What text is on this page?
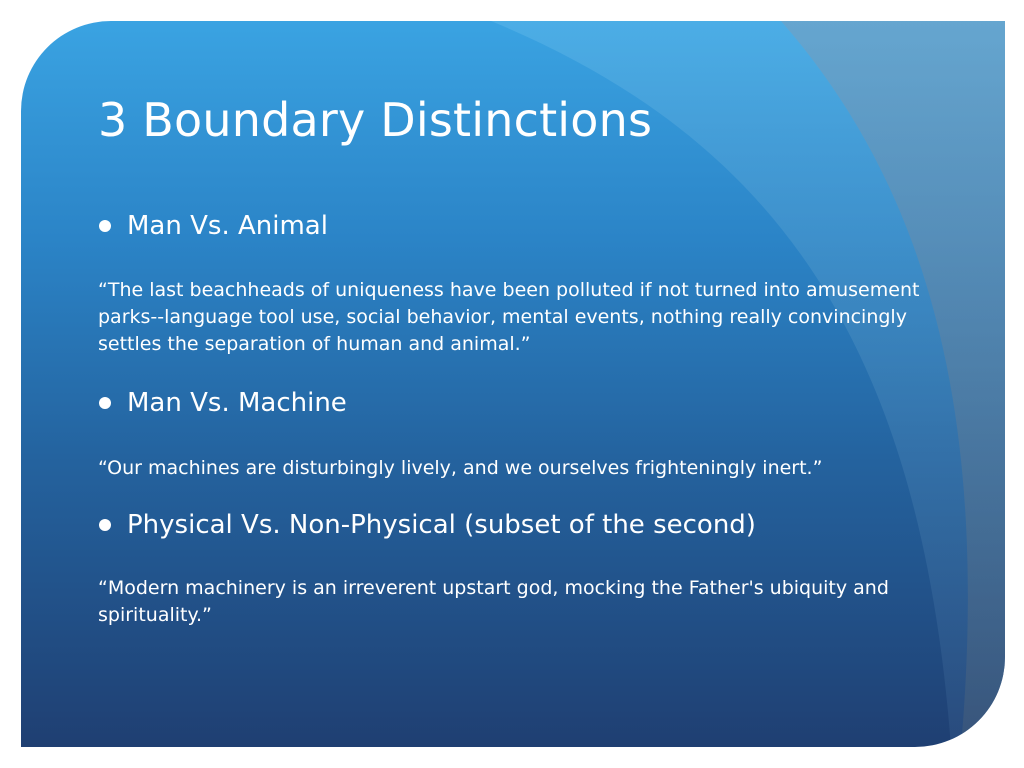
3 Boundary Distinctions
Man Vs. Animal

“The last beachheads of uniqueness have been polluted if not turned into amusement parks--language tool use, social behavior, mental events, nothing really convincingly settles the separation of human and animal.”

Man Vs. Machine

“Our machines are disturbingly lively, and we ourselves frighteningly inert.”

Physical Vs. Non-Physical (subset of the second)

“Modern machinery is an irreverent upstart god, mocking the Father's ubiquity and spirituality.”
